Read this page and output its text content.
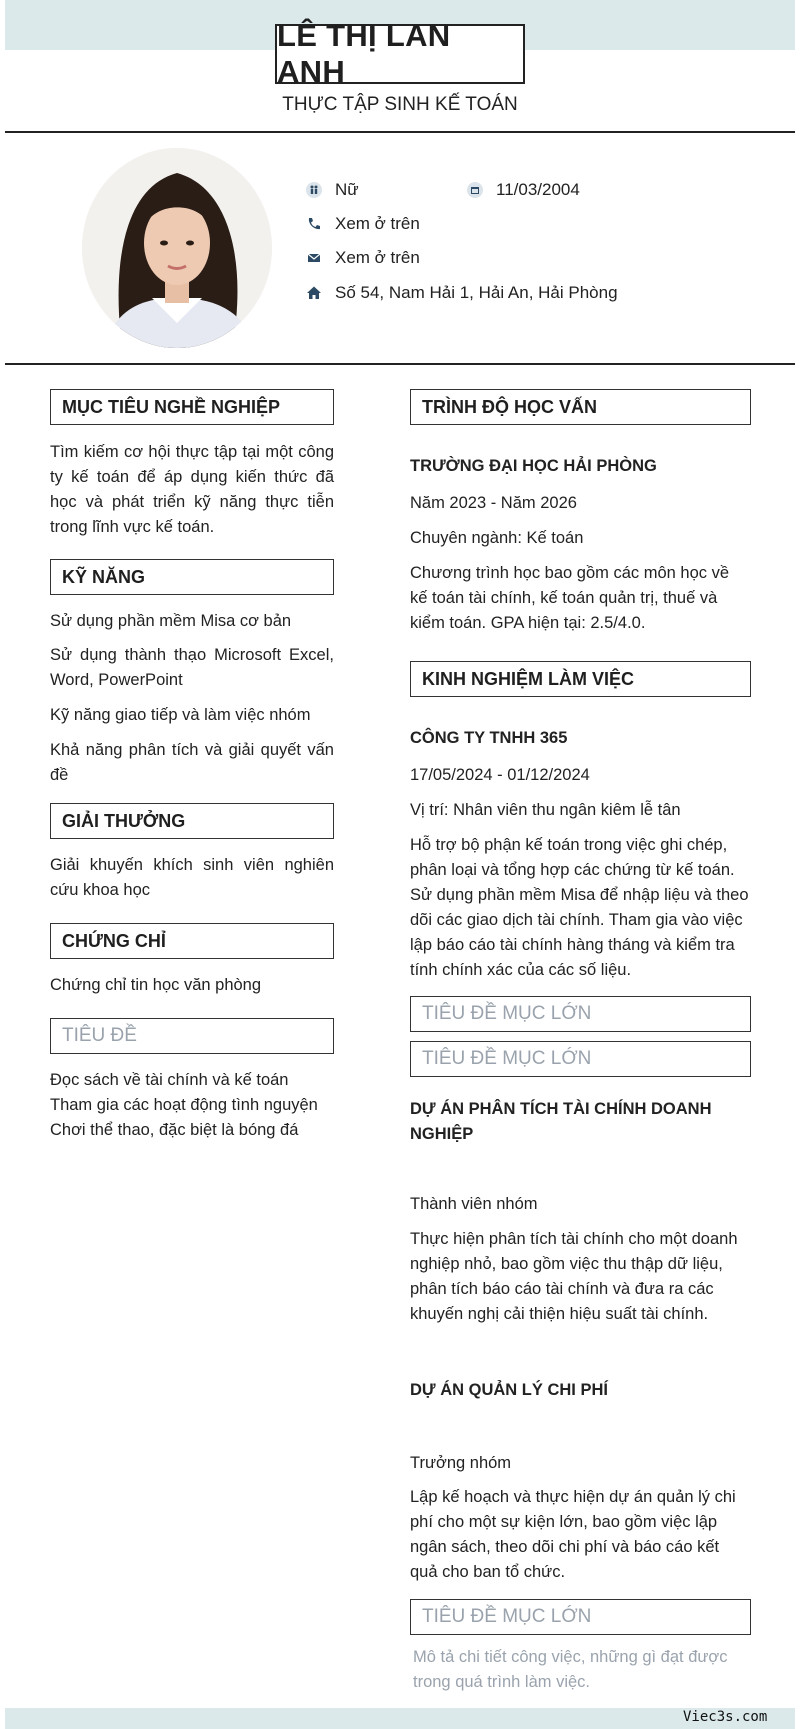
LÊ THỊ LAN ANH
THỰC TẬP SINH KẾ TOÁN
Nữ	11/03/2004
Xem ở trên
Xem ở trên
Số 54, Nam Hải 1, Hải An, Hải Phòng
MỤC TIÊU NGHỀ NGHIỆP
Tìm kiếm cơ hội thực tập tại một công ty kế toán để áp dụng kiến thức đã học và phát triển kỹ năng thực tiễn trong lĩnh vực kế toán.
KỸ NĂNG
Sử dụng phần mềm Misa cơ bản
Sử dụng thành thạo Microsoft Excel, Word, PowerPoint
Kỹ năng giao tiếp và làm việc nhóm
Khả năng phân tích và giải quyết vấn đề
GIẢI THƯỞNG
Giải khuyến khích sinh viên nghiên cứu khoa học
CHỨNG CHỈ
Chứng chỉ tin học văn phòng
TIÊU ĐỀ
Đọc sách về tài chính và kế toán
Tham gia các hoạt động tình nguyện
Chơi thể thao, đặc biệt là bóng đá
TRÌNH ĐỘ HỌC VẤN
TRƯỜNG ĐẠI HỌC HẢI PHÒNG
Năm 2023 - Năm 2026
Chuyên ngành: Kế toán
Chương trình học bao gồm các môn học về kế toán tài chính, kế toán quản trị, thuế và kiểm toán. GPA hiện tại: 2.5/4.0.
KINH NGHIỆM LÀM VIỆC
CÔNG TY TNHH 365
17/05/2024 - 01/12/2024
Vị trí: Nhân viên thu ngân kiêm lễ tân
Hỗ trợ bộ phận kế toán trong việc ghi chép, phân loại và tổng hợp các chứng từ kế toán. Sử dụng phần mềm Misa để nhập liệu và theo dõi các giao dịch tài chính. Tham gia vào việc lập báo cáo tài chính hàng tháng và kiểm tra tính chính xác của các số liệu.
TIÊU ĐỀ MỤC LỚN
TIÊU ĐỀ MỤC LỚN
DỰ ÁN PHÂN TÍCH TÀI CHÍNH DOANH NGHIỆP
Thành viên nhóm
Thực hiện phân tích tài chính cho một doanh nghiệp nhỏ, bao gồm việc thu thập dữ liệu, phân tích báo cáo tài chính và đưa ra các khuyến nghị cải thiện hiệu suất tài chính.
DỰ ÁN QUẢN LÝ CHI PHÍ
Trưởng nhóm
Lập kế hoạch và thực hiện dự án quản lý chi phí cho một sự kiện lớn, bao gồm việc lập ngân sách, theo dõi chi phí và báo cáo kết quả cho ban tổ chức.
TIÊU ĐỀ MỤC LỚN
Mô tả chi tiết công việc, những gì đạt được trong quá trình làm việc.
Viec3s.com
